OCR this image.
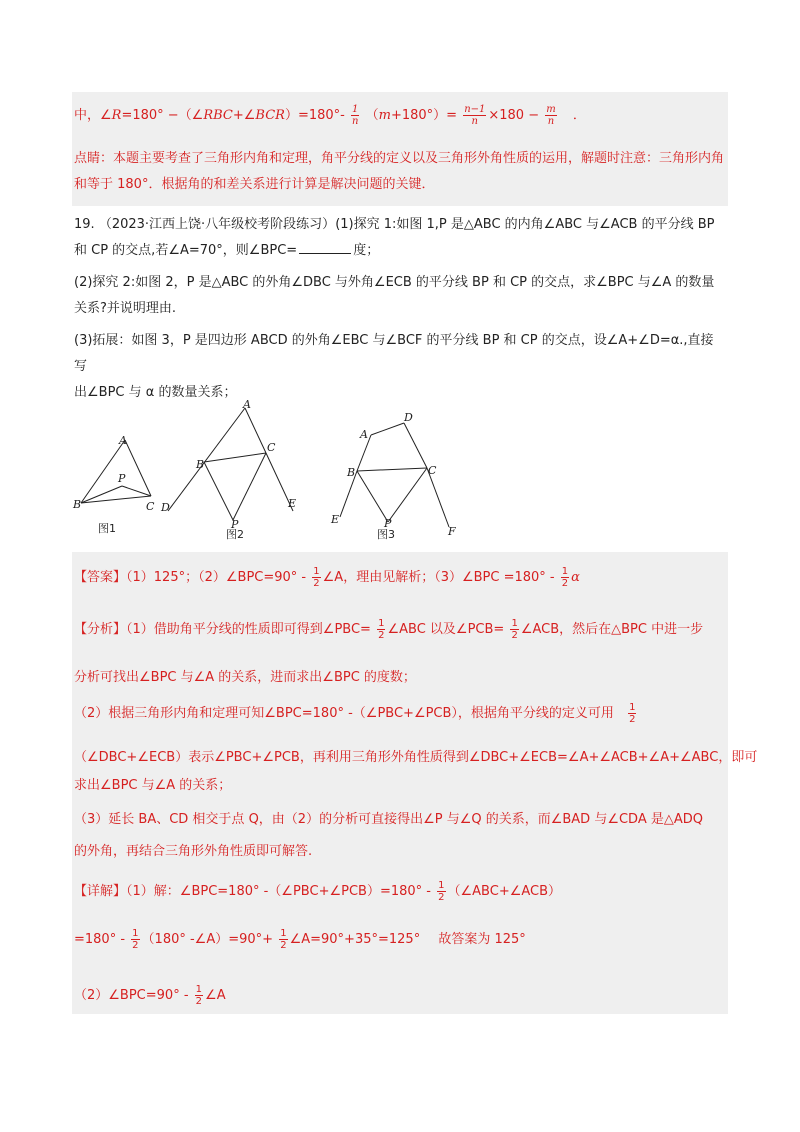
中，∠R=180° −（∠RBC+∠BCR）=180°- $\frac{1}{n} (m+180^\circ)= \frac{n-1}{n} \times 180 - \frac{m}{n}$ ．
点睛：本题主要考查了三角形内角和定理，角平分线的定义以及三角形外角性质的运用，解题时注意：三角形内角和等于 180°．根据角的和差关系进行计算是解决问题的关键．
19. （2023·江西上饶·八年级校考阶段练习）(1)探究 1:如图 1,P 是△ABC 的内角∠ABC 与∠ACB 的平分线 BP
和 CP 的交点,若∠A=70°，则∠BPC=	度；
(2)探究 2:如图 2，P 是△ABC 的外角∠DBC 与外角∠ECB 的平分线 BP 和 CP 的交点，求∠BPC 与∠A 的数量
关系?并说明理由.
(3)拓展：如图 3，P 是四边形 ABCD 的外角∠EBC 与∠BCF 的平分线 BP 和 CP 的交点，设∠A+∠D=α.,直接写
出∠BPC 与 α 的数量关系；
A
P
B	C
图1
A
B
C
D	E
P
图2
D
A
B	C
E	P
F
图3
【答案】（1）125°；（2）∠BPC=90° - $\frac{1}{2}$ ∠A，理由见解析；（3）∠BPC $=180^\circ - \frac{1}{2}$ α
【分析】（1）借助角平分线的性质即可得到∠PBC= $\frac{1}{2}$ ∠ABC 以及∠PCB= $\frac{1}{2}$ ∠ACB，然后在△BPC 中进一步
分析可找出∠BPC 与∠A 的关系，进而求出∠BPC 的度数；
（2）根据三角形内角和定理可知∠BPC=180° -（∠PBC+∠PCB），根据角平分线的定义可用 $\frac{1}{2}$
（∠DBC+∠ECB）表示∠PBC+∠PCB，再利用三角形外角性质得到∠DBC+∠ECB=∠A+∠ACB+∠A+∠ABC，即可
求出∠BPC 与∠A 的关系；
（3）延长 BA、CD 相交于点 Q，由（2）的分析可直接得出∠P 与∠Q 的关系，而∠BAD 与∠CDA 是△ADQ
的外角，再结合三角形外角性质即可解答.
【详解】（1）解：∠BPC=180° -（∠PBC+∠PCB）=180° - $\frac{1}{2}$ （∠ABC+∠ACB）
$=180^\circ - \frac{1}{2} (180^\circ$ -∠A）=90°+ $\frac{1}{2}$ ∠A=90°+35°=125° 故答案为 125°
（2）∠BPC=90° - $\frac{1}{2}$ ∠A
